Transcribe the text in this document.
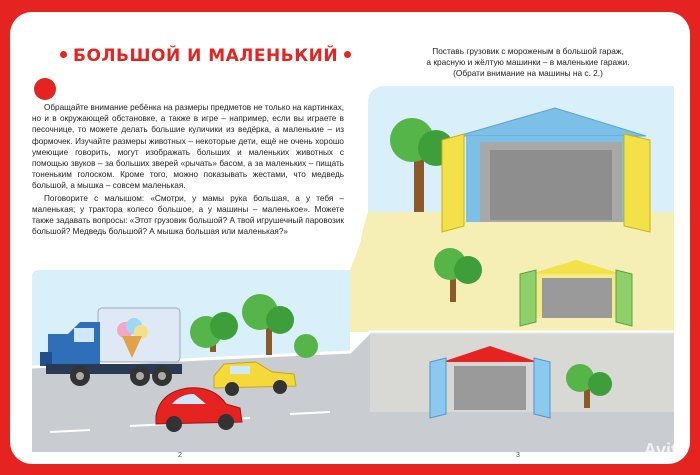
БОЛЬШОЙ И МАЛЕНЬКИЙ

Обращайте внимание ребёнка на размеры предметов не только на картинках, но и в окружающей обстановке, а также в игре – например, если вы играете в песочнице, то можете делать большие куличики из ведёрка, а маленькие – из формочек. Изучайте размеры животных – некоторые дети, ещё не очень хорошо умеющие говорить, могут изображать больших и маленьких животных с помощью звуков – за больших зверей «рычать» басом, а за маленьких – пищать тоненьким голоском. Кроме того, можно показывать жестами, что медведь большой, а мышка – совсем маленькая.

Поговорите с малышом: «Смотри, у мамы рука большая, а у тебя – маленькая; у трактора колесо большое, а у машины – маленькое». Можете также задавать вопросы: «Этот грузовик большой? А твой игрушечный паровозик большой? Медведь большой? А мышка большая или маленькая?»

Поставь грузовик с мороженым в большой гараж,
а красную и жёлтую машинки – в маленькие гаражи.
(Обрати внимание на машины на с. 2.)
2	3	Avito
